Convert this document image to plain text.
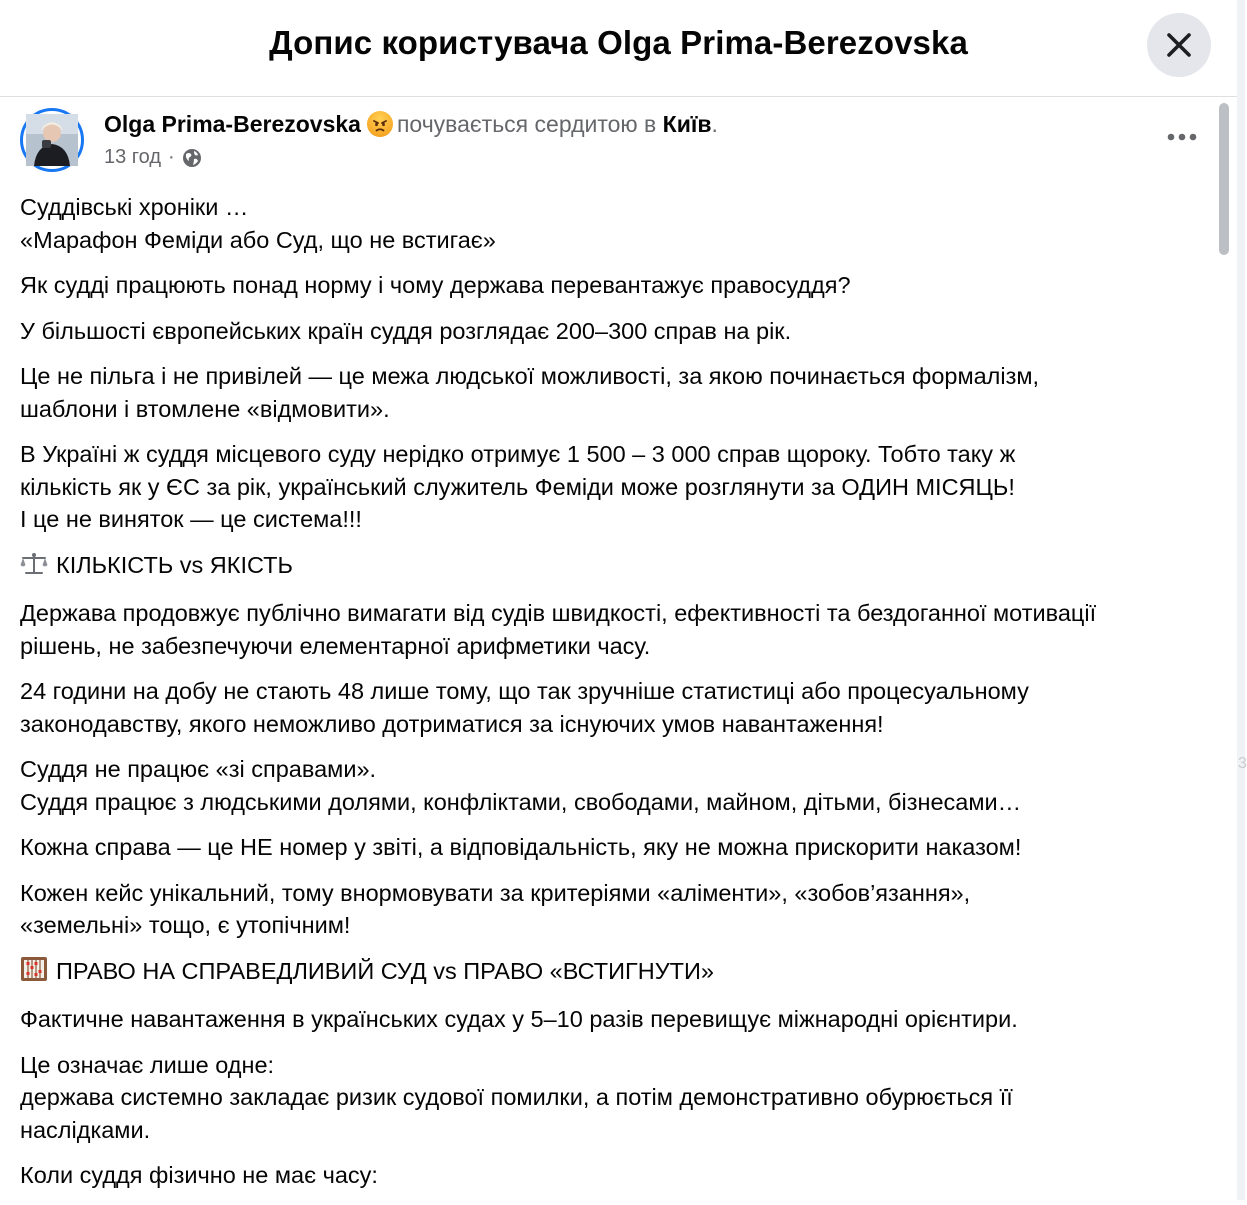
Допис користувача Olga Prima-Berezovska
Olga Prima-Berezovska почувається сердитою в Київ.
13 год ·
Суддівські хроніки …
«Марафон Феміди або Суд, що не встигає»
Як судді працюють понад норму і чому держава перевантажує правосуддя?
У більшості європейських країн суддя розглядає 200–300 справ на рік.
Це не пільга і не привілей — це межа людської можливості, за якою починається формалізм,
шаблони і втомлене «відмовити».
В Україні ж суддя місцевого суду нерідко отримує 1 500 – 3 000 справ щороку. Тобто таку ж
кількість як у ЄС за рік, український служитель Феміди може розглянути за ОДИН МІСЯЦЬ!
І це не виняток — це система!!!
КІЛЬКІСТЬ vs ЯКІСТЬ
Держава продовжує публічно вимагати від судів швидкості, ефективності та бездоганної мотивації
рішень, не забезпечуючи елементарної арифметики часу.
24 години на добу не стають 48 лише тому, що так зручніше статистиці або процесуальному
законодавству, якого неможливо дотриматися за існуючих умов навантаження!
Суддя не працює «зі справами».
Суддя працює з людськими долями, конфліктами, свободами, майном, дітьми, бізнесами…
Кожна справа — це НЕ номер у звіті, а відповідальність, яку не можна прискорити наказом!
Кожен кейс унікальний, тому внормовувати за критеріями «аліменти», «зобов’язання»,
«земельні» тощо, є утопічним!
ПРАВО НА СПРАВЕДЛИВИЙ СУД vs ПРАВО «ВСТИГНУТИ»
Фактичне навантаження в українських судах у 5–10 разів перевищує міжнародні орієнтири.
Це означає лише одне:
держава системно закладає ризик судової помилки, а потім демонстративно обурюється її
наслідками.
Коли суддя фізично не має часу:
3
